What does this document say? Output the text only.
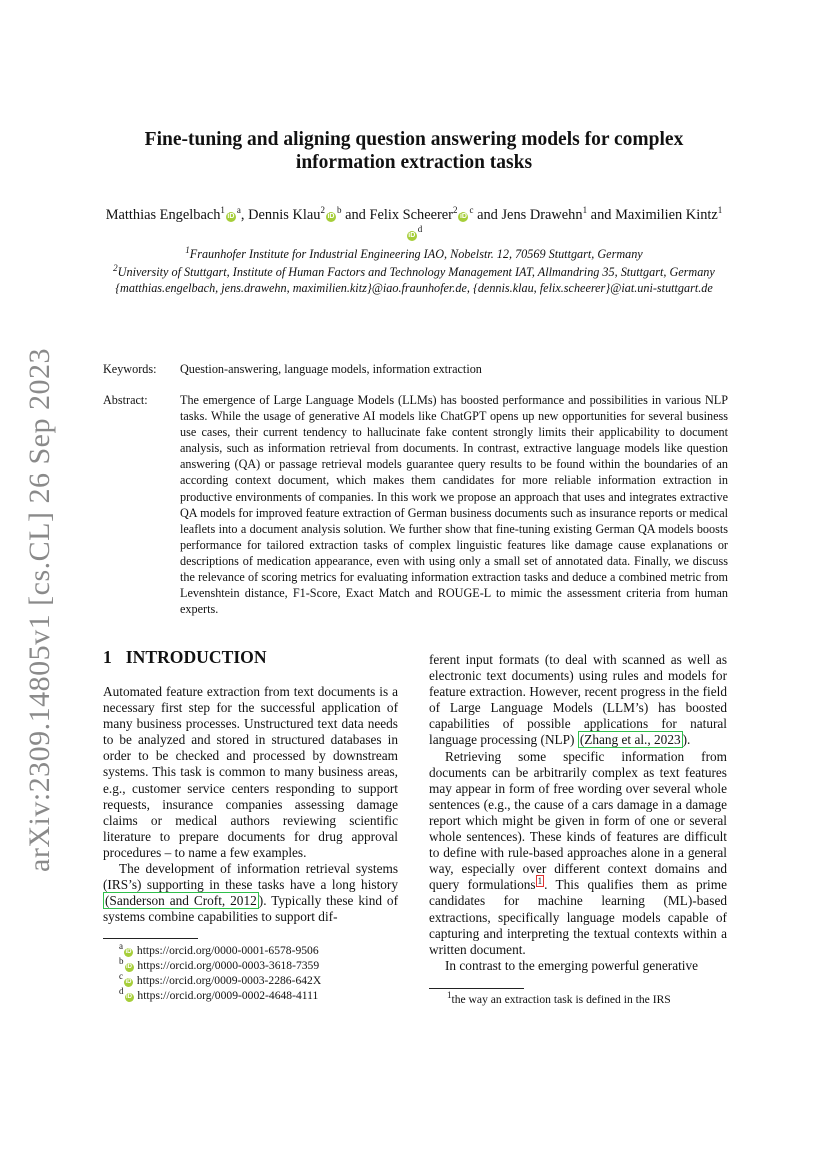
arXiv:2309.14805v1 [cs.CL] 26 Sep 2023
Fine-tuning and aligning question answering models for complex information extraction tasks
Matthias $Engelbach^1iD^a$, Dennis $Klau^2iD^b$ and Felix $Scheerer^2iD^c$ and Jens Drawehn$^1$ and Maximilien $Kintz^1iD^d$
$^1$Fraunhofer Institute for Industrial Engineering IAO, Nobelstr. 12, 70569 Stuttgart, Germany
$^2$University of Stuttgart, Institute of Human Factors and Technology Management IAT, Allmandring 35, Stuttgart, Germany
{matthias.engelbach, jens.drawehn, maximilien.kitz}@iao.fraunhofer.de, {dennis.klau, felix.scheerer}@iat.uni-stuttgart.de
Keywords:	Question-answering, language models, information extraction
Abstract:	The emergence of Large Language Models (LLMs) has boosted performance and possibilities in various NLP tasks. While the usage of generative AI models like ChatGPT opens up new opportunities for several business use cases, their current tendency to hallucinate fake content strongly limits their applicability to document analysis, such as information retrieval from documents. In contrast, extractive language models like question answering (QA) or passage retrieval models guarantee query results to be found within the boundaries of an according context document, which makes them candidates for more reliable information extraction in productive environments of companies. In this work we propose an approach that uses and integrates extractive QA models for improved feature extraction of German business documents such as insurance reports or medical leaflets into a document analysis solution. We further show that fine-tuning existing German QA models boosts performance for tailored extraction tasks of complex linguistic features like damage cause explanations or descriptions of medication appearance, even with using only a small set of annotated data. Finally, we discuss the relevance of scoring metrics for evaluating information extraction tasks and deduce a combined metric from Levenshtein distance, F1-Score, Exact Match and ROUGE-L to mimic the assessment criteria from human experts.
1 INTRODUCTION

Automated feature extraction from text documents is a necessary first step for the successful application of many business processes. Unstructured text data needs to be analyzed and stored in structured databases in order to be checked and processed by downstream systems. This task is common to many business areas, e.g., customer service centers responding to support requests, insurance companies assessing damage claims or medical authors reviewing scientific literature to prepare documents for drug approval procedures – to name a few examples.

The development of information retrieval systems (IRS’s) supporting in these tasks have a long history (Sanderson and Croft, 2012 ). Typically these kind of systems combine capabilities to support dif-

ferent input formats (to deal with scanned as well as electronic text documents) using rules and models for feature extraction. However, recent progress in the field of Large Language Models (LLM’s) has boosted capabilities of possible applications for natural language processing (NLP) (Zhang et al., 2023 ).

Retrieving some specific information from documents can be arbitrarily complex as text features may appear in form of free wording over several whole sentences (e.g., the cause of a cars damage in a damage report which might be given in form of one or several whole sentences). These kinds of features are difficult to define with rule-based approaches alone in a general way, especially over different context domains and query formulations $^1$ . This qualifies them as prime candidates for machine learning (ML)-based extractions, specifically language models capable of capturing and interpreting the textual contexts within a written document.

In contrast to the emerging powerful generative

$^a$iD https://orcid.org/0000-0001-6578-9506
$^b$iD https://orcid.org/0000-0003-3618-7359
$^c$iD https://orcid.org/0009-0003-2286-642X
$^d$iD https://orcid.org/0009-0002-4648-4111	$^1$the way an extraction task is defined in the IRS
